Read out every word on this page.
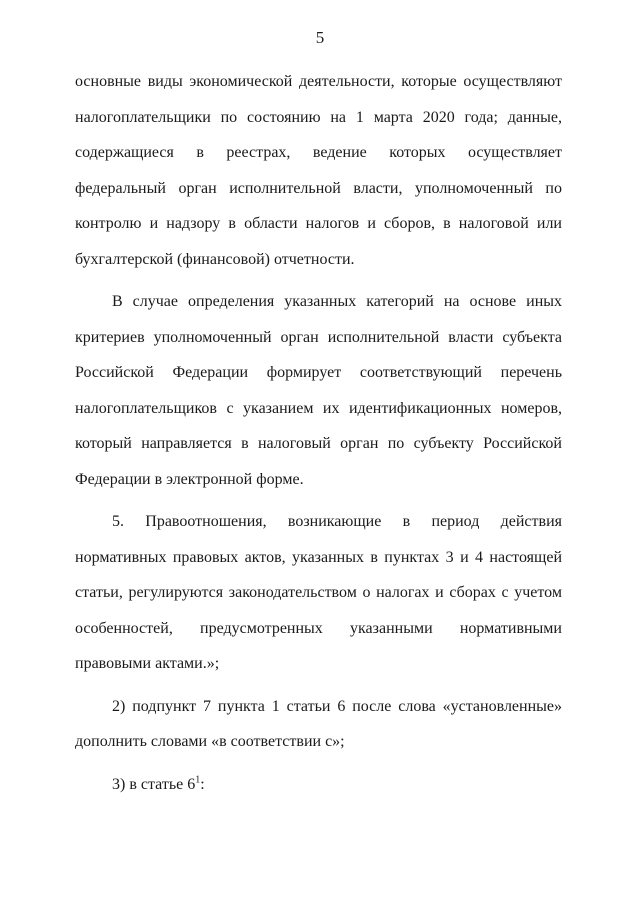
5

основные виды экономической деятельности, которые осуществляют налогоплательщики по состоянию на 1 марта 2020 года; данные, содержащиеся в реестрах, ведение которых осуществляет федеральный орган исполнительной власти, уполномоченный по контролю и надзору в области налогов и сборов, в налоговой или бухгалтерской (финансовой) отчетности.

В случае определения указанных категорий на основе иных критериев уполномоченный орган исполнительной власти субъекта Российской Федерации формирует соответствующий перечень налогоплательщиков с указанием их идентификационных номеров, который направляется в налоговый орган по субъекту Российской Федерации в электронной форме.

5. Правоотношения, возникающие в период действия нормативных правовых актов, указанных в пунктах 3 и 4 настоящей статьи, регулируются законодательством о налогах и сборах с учетом особенностей, предусмотренных указанными нормативными правовыми актами.»;

2) подпункт 7 пункта 1 статьи 6 после слова «установленные» дополнить словами «в соответствии с»;

3) в статье $6^1$:
